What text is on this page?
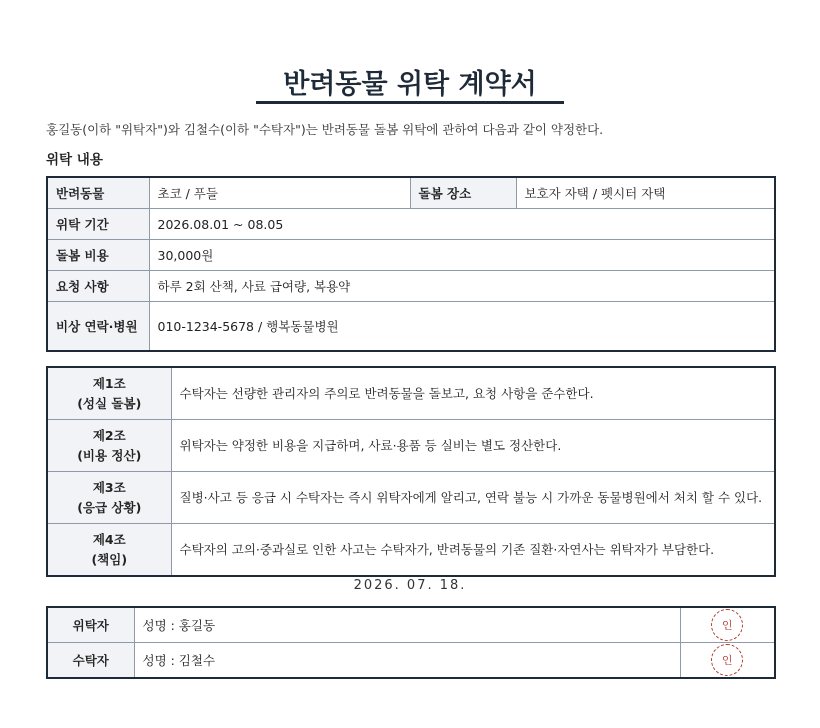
반려동물 위탁 계약서
홍길동(이하 "위탁자")와 김철수(이하 "수탁자")는 반려동물 돌봄 위탁에 관하여 다음과 같이 약정한다.
위탁 내용
반려동물	초코 / 푸들	돌봄 장소	보호자 자택 / 펫시터 자택
위탁 기간	2026.08.01 ~ 08.05		
돌봄 비용	30,000원		
요청 사항	하루 2회 산책, 사료 급여량, 복용약		
비상 연락·병원	010-1234-5678 / 행복동물병원		
제1조
(성실 돌봄)	수탁자는 선량한 관리자의 주의로 반려동물을 돌보고, 요청 사항을 준수한다.

제2조
(비용 정산)	위탁자는 약정한 비용을 지급하며, 사료·용품 등 실비는 별도 정산한다.

제3조
(응급 상황)	질병·사고 등 응급 시 수탁자는 즉시 위탁자에게 알리고, 연락 불능 시 가까운 동물병원에서 처치 할 수 있다.

제4조
(책임)	수탁자의 고의·중과실로 인한 사고는 수탁자가, 반려동물의 기존 질환·자연사는 위탁자가 부담한다.
2026. 07. 18.
위탁자	성명 : 홍길동	인
수탁자	성명 : 김철수	인
